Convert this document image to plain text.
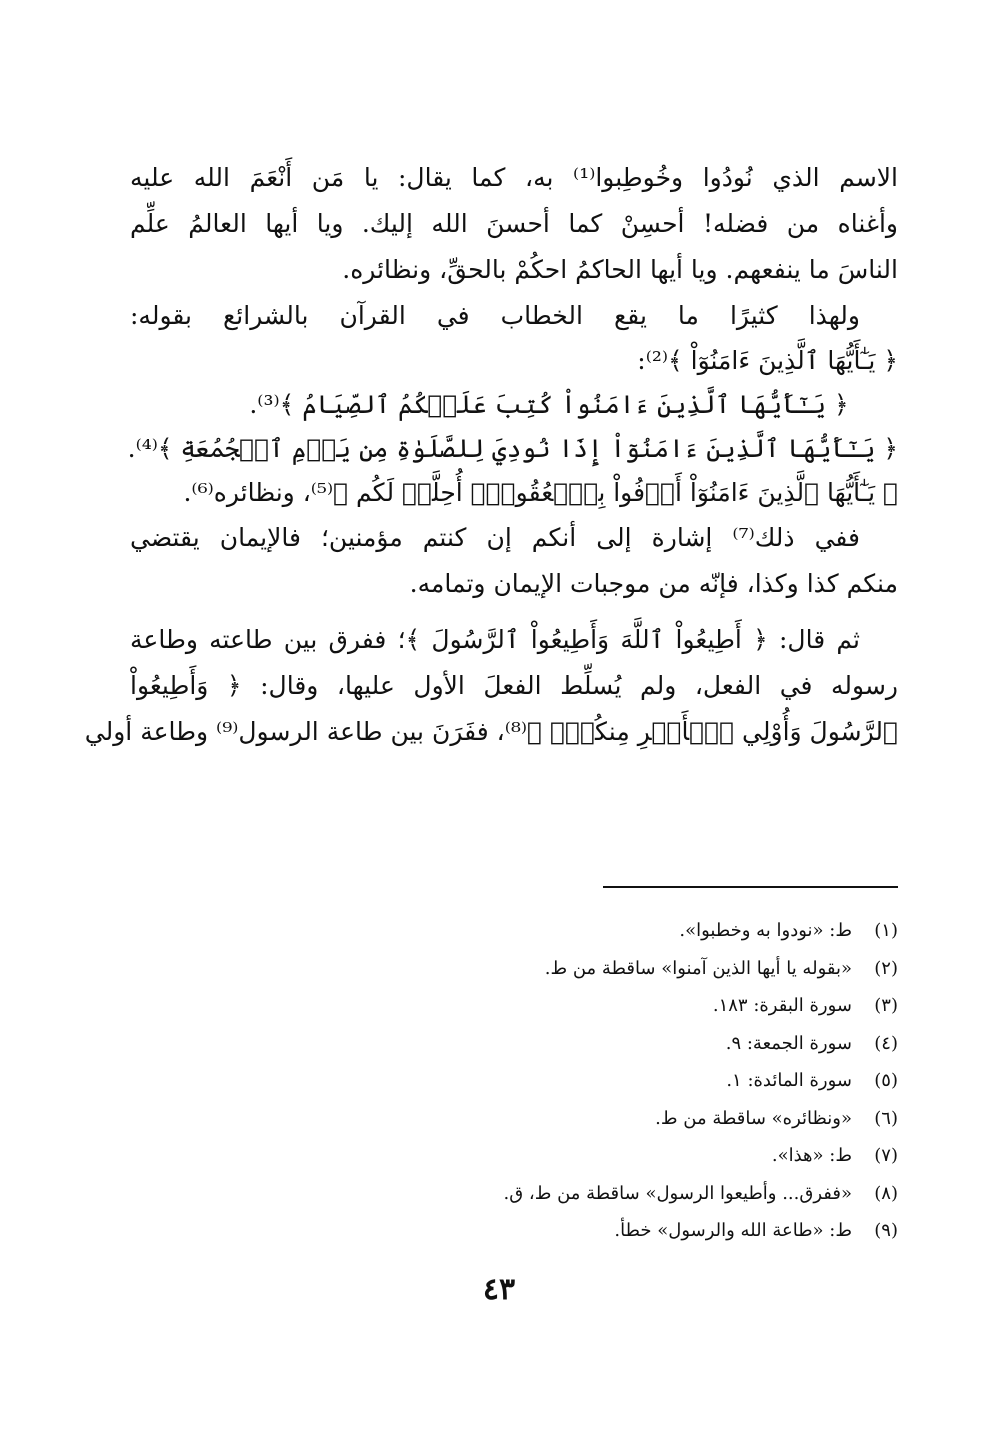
الاسم الذي نُودُوا وخُوطِبوا⁽¹⁾ به، كما يقال: يا مَن أَنْعَمَ الله عليه
وأغناه من فضله! أحسِنْ كما أحسنَ الله إليك. ويا أيها العالمُ علِّم
الناسَ ما ينفعهم. ويا أيها الحاكمُ احكُمْ بالحقِّ، ونظائره.
ولهذا كثيرًا ما يقع الخطاب في القرآن بالشرائع بقوله:
﴿ يَـٰٓأَيُّهَا ٱلَّذِينَ ءَامَنُوٓاْ ﴾⁽²⁾:
﴿ يَـٰٓأَيُّهَا ٱلَّذِينَ ءَامَنُواْ كُتِبَ عَلَيۡكُمُ ٱلصِّيَامُ ﴾⁽³⁾.
﴿ يَـٰٓأَيُّهَا ٱلَّذِينَ ءَامَنُوٓاْ إِذَا نُودِيَ لِلصَّلَوٰةِ مِن يَوۡمِ ٱلۡجُمُعَةِ ﴾⁽⁴⁾.
﴿ يَـٰٓأَيُّهَا ٱلَّذِينَ ءَامَنُوٓاْ أَوۡفُواْ بِٱلۡعُقُودِۚ أُحِلَّتۡ لَكُم ﴾⁽⁵⁾، ونظائره⁽⁶⁾.
ففي ذلك⁽⁷⁾ إشارة إلى أنكم إن كنتم مؤمنين؛ فالإيمان يقتضي
منكم كذا وكذا، فإنّه من موجبات الإيمان وتمامه.
ثم قال: ﴿ أَطِيعُواْ ٱللَّهَ وَأَطِيعُواْ ٱلرَّسُولَ ﴾؛ ففرق بين طاعته وطاعة
رسوله في الفعل، ولم يُسلِّط الفعلَ الأول عليها، وقال: ﴿ وَأَطِيعُواْ
ٱلرَّسُولَ وَأُوْلِي ٱلۡأَمۡرِ مِنكُمۡۖ ﴾⁽⁸⁾، ففَرَنَ بين طاعة الرسول⁽⁹⁾ وطاعة أولي
(١)
ط: «نودوا به وخطبوا».
(٢)
«بقوله يا أيها الذين آمنوا» ساقطة من ط.
(٣)
سورة البقرة: ١٨٣.
(٤)
سورة الجمعة: ٩.
(٥)
سورة المائدة: ١.
(٦)
«ونظائره» ساقطة من ط.
(٧)
ط: «هذا».
(٨)
«ففرق... وأطيعوا الرسول» ساقطة من ط، ق.
(٩)
ط: «طاعة الله والرسول» خطأ.
٤٣
